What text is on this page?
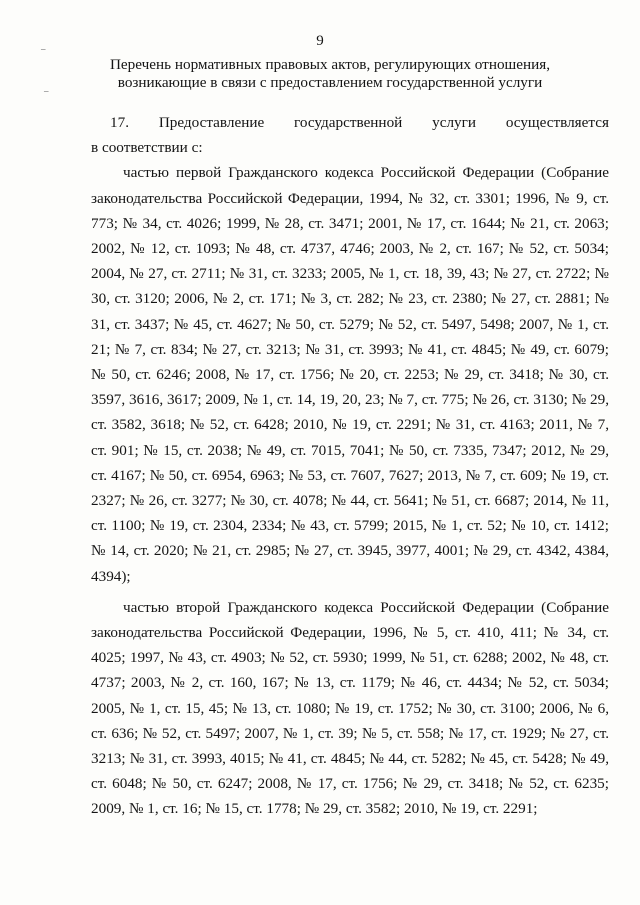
9
–
–
Перечень нормативных правовых актов, регулирующих отношения,
возникающие в связи с предоставлением государственной услуги
17. Предоставление государственной услуги осуществляется

в соответствии с:

частью первой Гражданского кодекса Российской Федерации (Собрание законодательства Российской Федерации, 1994, № 32, ст. 3301; 1996, № 9, ст. 773; № 34, ст. 4026; 1999, № 28, ст. 3471; 2001, № 17, ст. 1644; № 21, ст. 2063; 2002, № 12, ст. 1093; № 48, ст. 4737, 4746; 2003, № 2, ст. 167; № 52, ст. 5034; 2004, № 27, ст. 2711; № 31, ст. 3233; 2005, № 1, ст. 18, 39, 43; № 27, ст. 2722; № 30, ст. 3120; 2006, № 2, ст. 171; № 3, ст. 282; № 23, ст. 2380; № 27, ст. 2881; № 31, ст. 3437; № 45, ст. 4627; № 50, ст. 5279; № 52, ст. 5497, 5498; 2007, № 1, ст. 21; № 7, ст. 834; № 27, ст. 3213; № 31, ст. 3993; № 41, ст. 4845; № 49, ст. 6079; № 50, ст. 6246; 2008, № 17, ст. 1756; № 20, ст. 2253; № 29, ст. 3418; № 30, ст. 3597, 3616, 3617; 2009, № 1, ст. 14, 19, 20, 23; № 7, ст. 775; № 26, ст. 3130; № 29, ст. 3582, 3618; № 52, ст. 6428; 2010, № 19, ст. 2291; № 31, ст. 4163; 2011, № 7, ст. 901; № 15, ст. 2038; № 49, ст. 7015, 7041; № 50, ст. 7335, 7347; 2012, № 29, ст. 4167; № 50, ст. 6954, 6963; № 53, ст. 7607, 7627; 2013, № 7, ст. 609; № 19, ст. 2327; № 26, ст. 3277; № 30, ст. 4078; № 44, ст. 5641; № 51, ст. 6687; 2014, № 11, ст. 1100; № 19, ст. 2304, 2334; № 43, ст. 5799; 2015, № 1, ст. 52; № 10, ст. 1412; № 14, ст. 2020; № 21, ст. 2985; № 27, ст. 3945, 3977, 4001; № 29, ст. 4342, 4384, 4394);

частью второй Гражданского кодекса Российской Федерации (Собрание законодательства Российской Федерации, 1996, № 5, ст. 410, 411; № 34, ст. 4025; 1997, № 43, ст. 4903; № 52, ст. 5930; 1999, № 51, ст. 6288; 2002, № 48, ст. 4737; 2003, № 2, ст. 160, 167; № 13, ст. 1179; № 46, ст. 4434; № 52, ст. 5034; 2005, № 1, ст. 15, 45; № 13, ст. 1080; № 19, ст. 1752; № 30, ст. 3100; 2006, № 6, ст. 636; № 52, ст. 5497; 2007, № 1, ст. 39; № 5, ст. 558; № 17, ст. 1929; № 27, ст. 3213; № 31, ст. 3993, 4015; № 41, ст. 4845; № 44, ст. 5282; № 45, ст. 5428; № 49, ст. 6048; № 50, ст. 6247; 2008, № 17, ст. 1756; № 29, ст. 3418; № 52, ст. 6235; 2009, № 1, ст. 16; № 15, ст. 1778; № 29, ст. 3582; 2010, № 19, ст. 2291;
